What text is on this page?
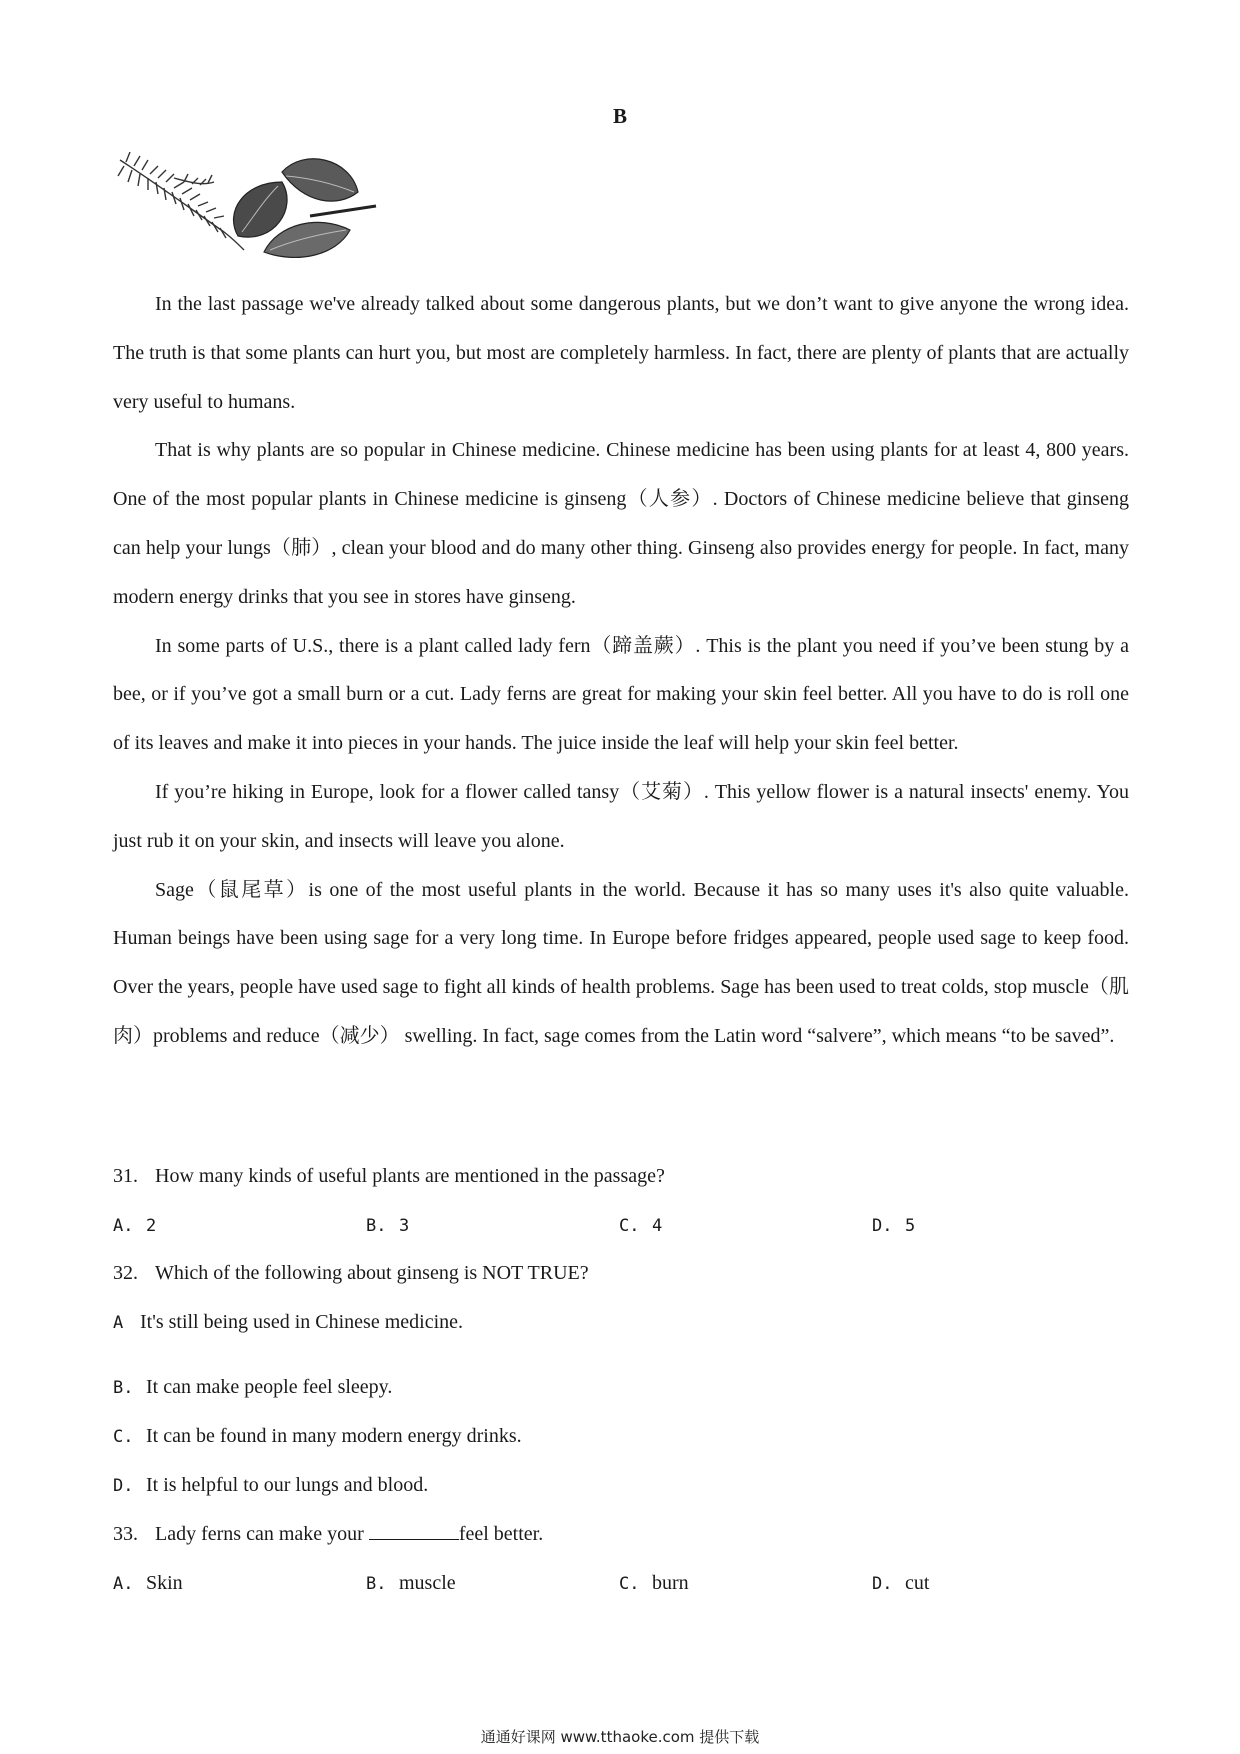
B

In the last passage we've already talked about some dangerous plants, but we don’t want to give anyone the wrong idea. The truth is that some plants can hurt you, but most are completely harmless. In fact, there are plenty of plants that are actually very useful to humans.

That is why plants are so popular in Chinese medicine. Chinese medicine has been using plants for at least 4, 800 years. One of the most popular plants in Chinese medicine is ginseng（人参）. Doctors of Chinese medicine believe that ginseng can help your lungs（肺）, clean your blood and do many other thing. Ginseng also provides energy for people. In fact, many modern energy drinks that you see in stores have ginseng.

In some parts of U.S., there is a plant called lady fern（蹄盖蕨）. This is the plant you need if you’ve been stung by a bee, or if you’ve got a small burn or a cut. Lady ferns are great for making your skin feel better. All you have to do is roll one of its leaves and make it into pieces in your hands. The juice inside the leaf will help your skin feel better.

If you’re hiking in Europe, look for a flower called tansy（艾菊）. This yellow flower is a natural insects' enemy. You just rub it on your skin, and insects will leave you alone.

Sage（鼠尾草）is one of the most useful plants in the world. Because it has so many uses it's also quite valuable. Human beings have been using sage for a very long time. In Europe before fridges appeared, people used sage to keep food. Over the years, people have used sage to fight all kinds of health problems. Sage has been used to treat colds, stop muscle（肌肉）problems and reduce（减少） swelling. In fact, sage comes from the Latin word “salvere”, which means “to be saved”.

31. How many kinds of useful plants are mentioned in the passage?
A. 2	B. 3	C. 4	D. 5
32. Which of the following about ginseng is NOT TRUE?
A It's still being used in Chinese medicine.
B. It can make people feel sleepy.
C. It can be found in many modern energy drinks.
D. It is helpful to our lungs and blood.
33. Lady ferns can make your	feel better.
A. Skin	B. muscle	C. burn	D. cut
通通好课网 www.tthaoke.com 提供下载
